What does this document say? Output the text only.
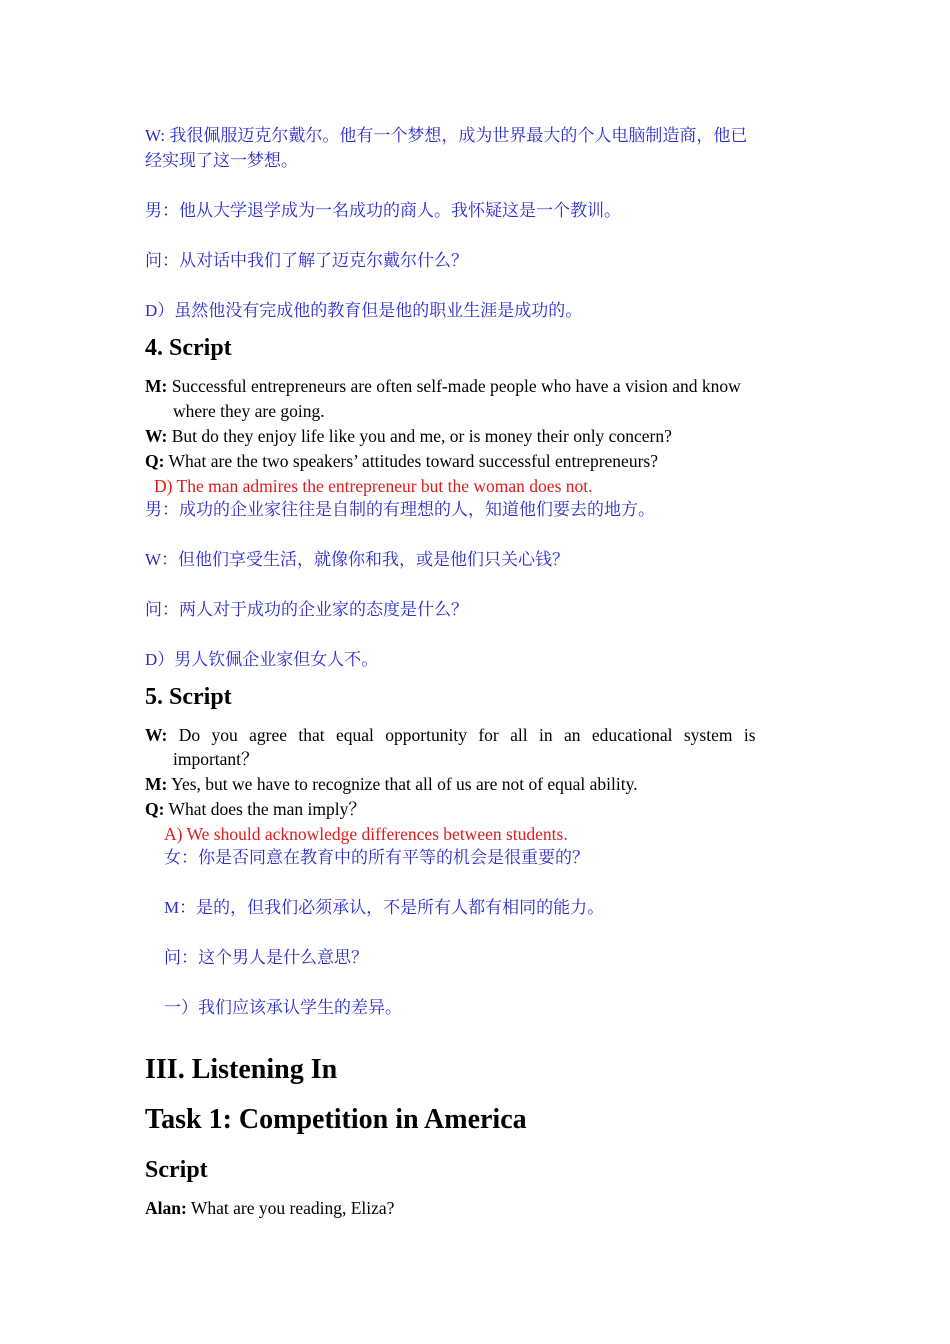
W: 我很佩服迈克尔戴尔。他有一个梦想，成为世界最大的个人电脑制造商，他已
经实现了这一梦想。
男：他从大学退学成为一名成功的商人。我怀疑这是一个教训。
问：从对话中我们了解了迈克尔戴尔什么？
D）虽然他没有完成他的教育但是他的职业生涯是成功的。
4. Script
M: Successful entrepreneurs are often self-made people who have a vision and know
where they are going.
W: But do they enjoy life like you and me, or is money their only concern?
Q: What are the two speakers’ attitudes toward successful entrepreneurs?
D) The man admires the entrepreneur but the woman does not.
男：成功的企业家往往是自制的有理想的人，知道他们要去的地方。
W：但他们享受生活，就像你和我，或是他们只关心钱？
问：两人对于成功的企业家的态度是什么？
D）男人钦佩企业家但女人不。
5. Script
W: Do you agree that equal opportunity for all in an educational system is
important？
M: Yes, but we have to recognize that all of us are not of equal ability.
Q: What does the man imply？
A) We should acknowledge differences between students.
女：你是否同意在教育中的所有平等的机会是很重要的？
M：是的，但我们必须承认，不是所有人都有相同的能力。
问：这个男人是什么意思？
一）我们应该承认学生的差异。
III. Listening In
Task 1: Competition in America
Script
Alan: What are you reading, Eliza?
